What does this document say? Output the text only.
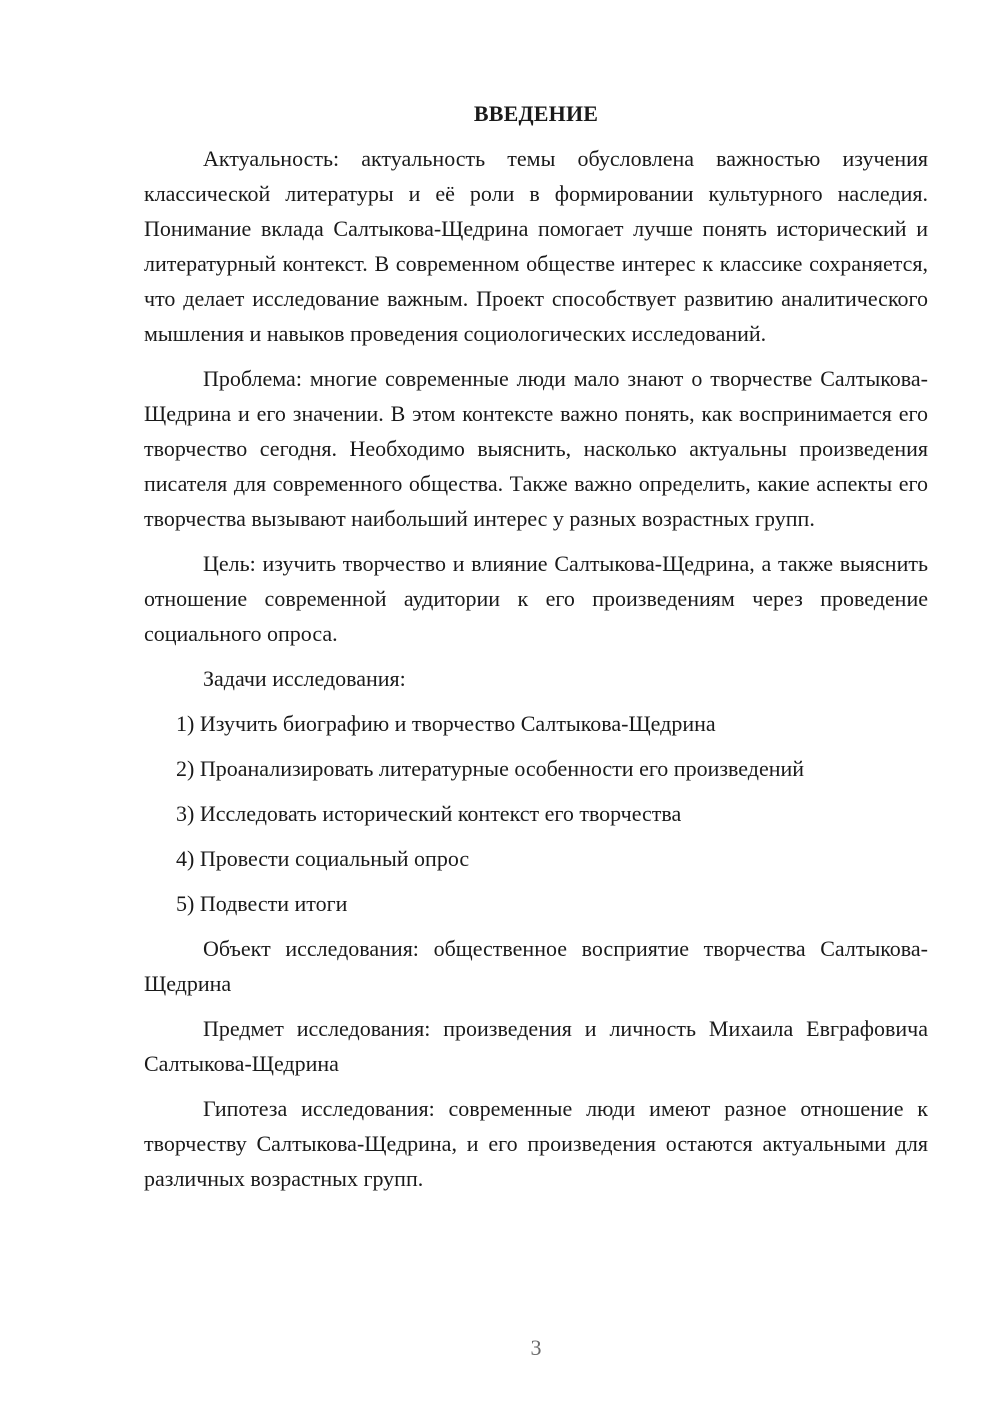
ВВЕДЕНИЕ

Актуальность: актуальность темы обусловлена важностью изучения классической литературы и её роли в формировании культурного наследия. Понимание вклада Салтыкова-Щедрина помогает лучше понять исторический и литературный контекст. В современном обществе интерес к классике сохраняется, что делает исследование важным. Проект способствует развитию аналитического мышления и навыков проведения социологических исследований.

Проблема: многие современные люди мало знают о творчестве Салтыкова-Щедрина и его значении. В этом контексте важно понять, как воспринимается его творчество сегодня. Необходимо выяснить, насколько актуальны произведения писателя для современного общества. Также важно определить, какие аспекты его творчества вызывают наибольший интерес у разных возрастных групп.

Цель: изучить творчество и влияние Салтыкова-Щедрина, а также выяснить отношение современной аудитории к его произведениям через проведение социального опроса.

Задачи исследования:

1) Изучить биографию и творчество Салтыкова-Щедрина
2) Проанализировать литературные особенности его произведений
3) Исследовать исторический контекст его творчества
4) Провести социальный опрос
5) Подвести итоги

Объект исследования: общественное восприятие творчества Салтыкова-Щедрина

Предмет исследования: произведения и личность Михаила Евграфовича Салтыкова-Щедрина

Гипотеза исследования: современные люди имеют разное отношение к творчеству Салтыкова-Щедрина, и его произведения остаются актуальными для различных возрастных групп.

3
